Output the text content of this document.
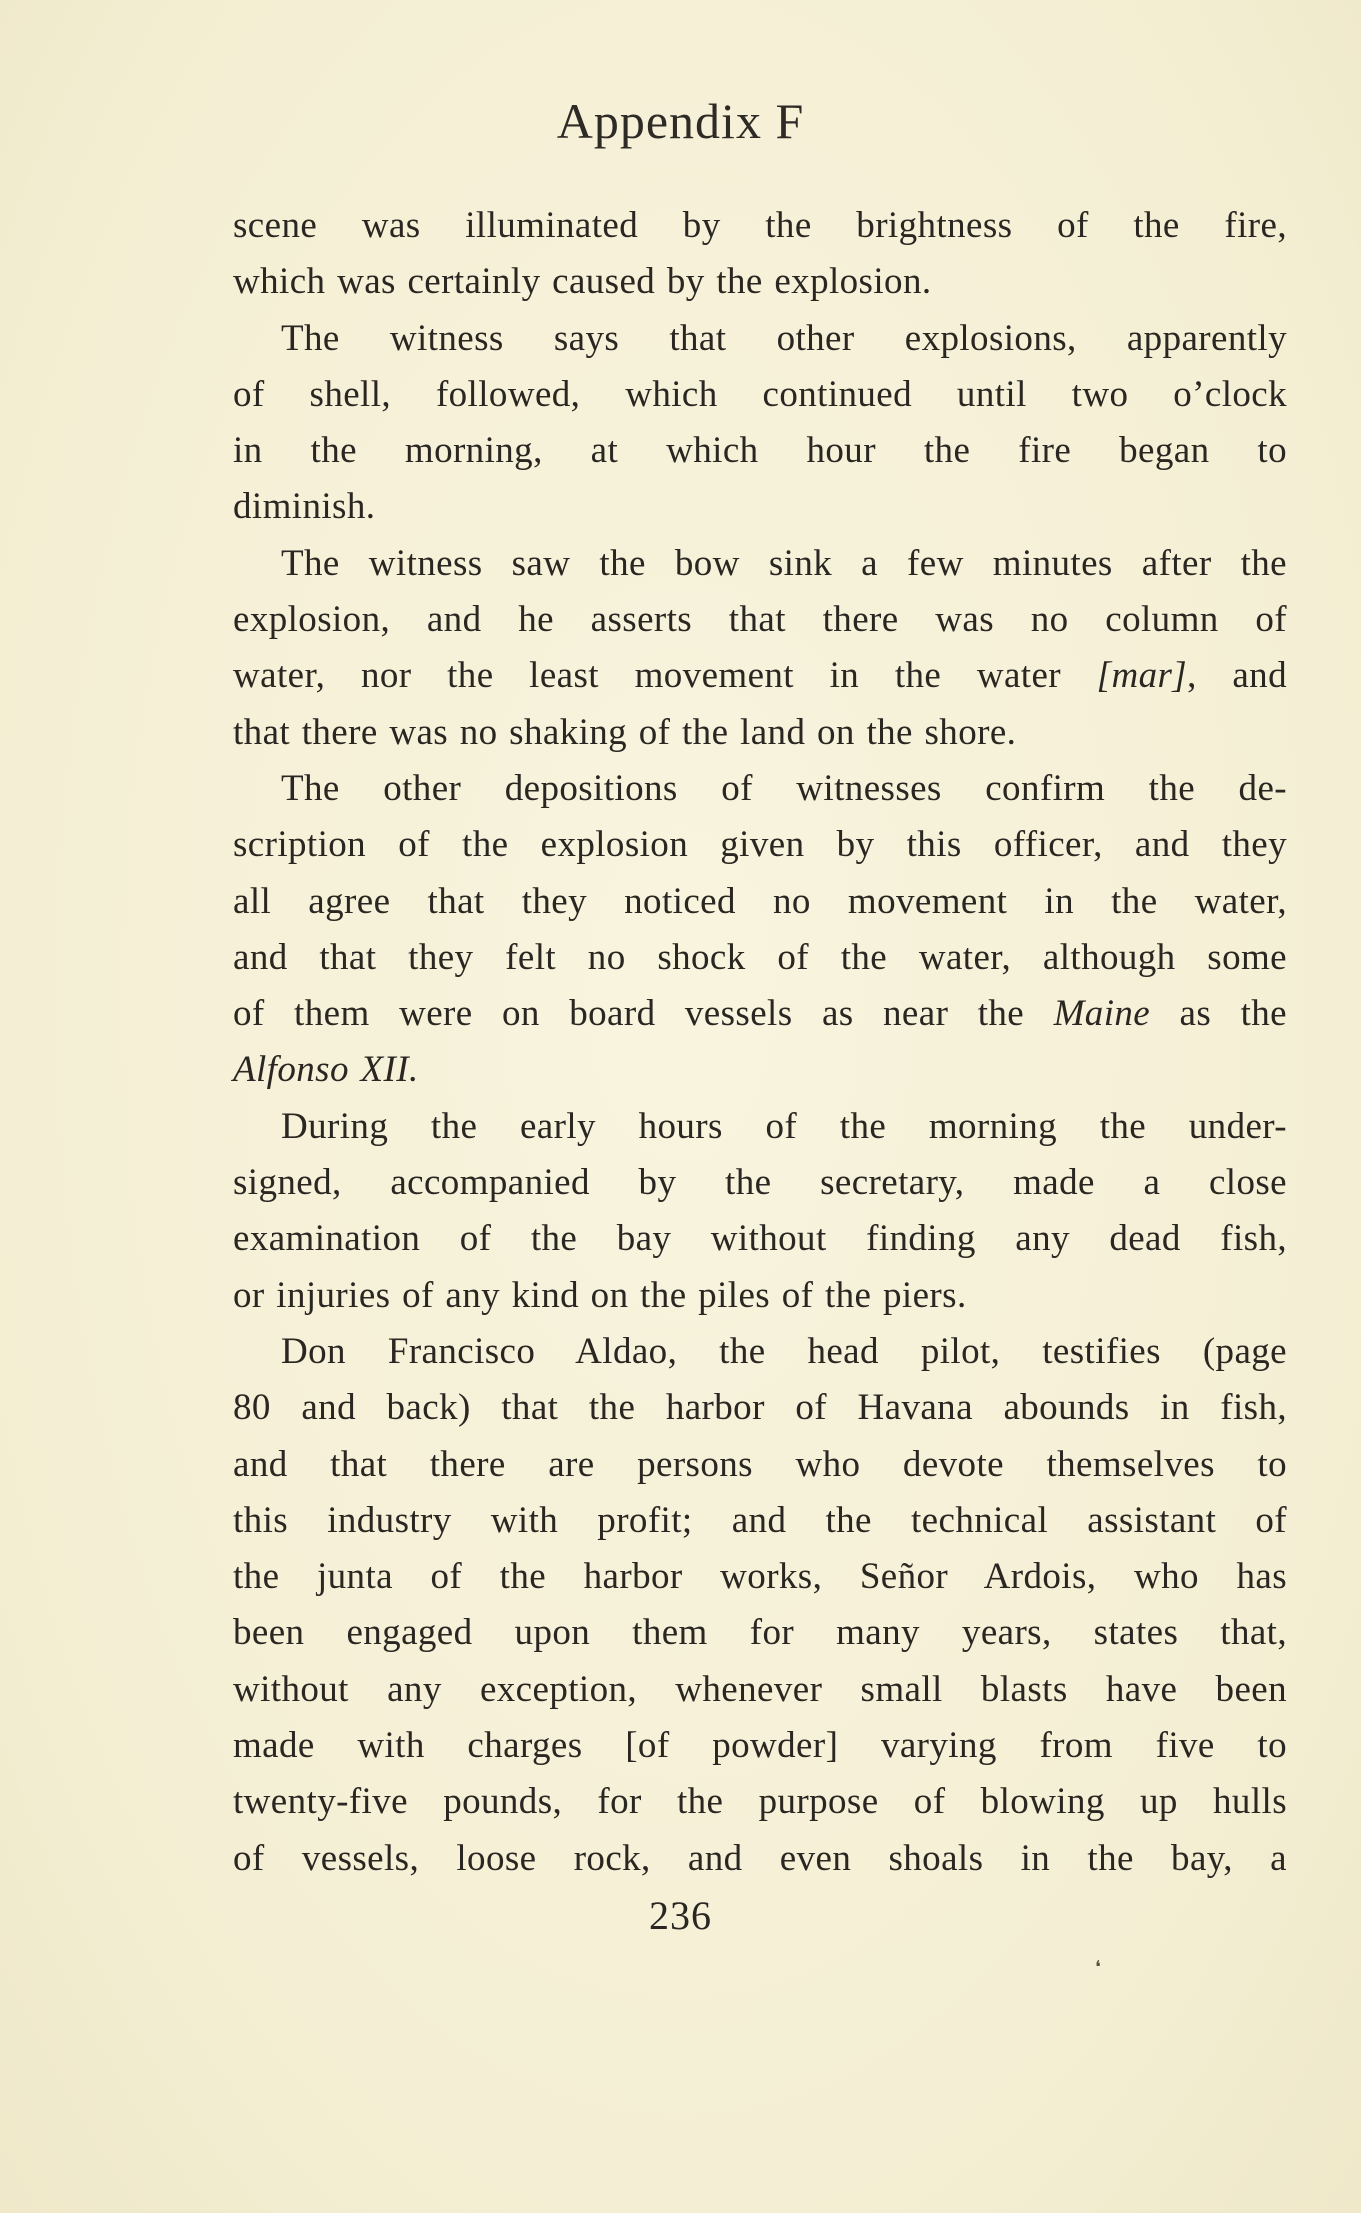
Appendix F
scene was illuminated by the brightness of the fire,
which was certainly caused by the explosion.
The witness says that other explosions, apparently
of shell, followed, which continued until two o’clock
in the morning, at which hour the fire began to
diminish.
The witness saw the bow sink a few minutes after the
explosion, and he asserts that there was no column of
water, nor the least movement in the water [mar], and
that there was no shaking of the land on the shore.
The other depositions of witnesses confirm the de-
scription of the explosion given by this officer, and they
all agree that they noticed no movement in the water,
and that they felt no shock of the water, although some
of them were on board vessels as near the Maine as the
Alfonso XII.
During the early hours of the morning the under-
signed, accompanied by the secretary, made a close
examination of the bay without finding any dead fish,
or injuries of any kind on the piles of the piers.
Don Francisco Aldao, the head pilot, testifies (page
80 and back) that the harbor of Havana abounds in fish,
and that there are persons who devote themselves to
this industry with profit; and the technical assistant of
the junta of the harbor works, Señor Ardois, who has
been engaged upon them for many years, states that,
without any exception, whenever small blasts have been
made with charges [of powder] varying from five to
twenty-five pounds, for the purpose of blowing up hulls
of vessels, loose rock, and even shoals in the bay, a
236
❛
